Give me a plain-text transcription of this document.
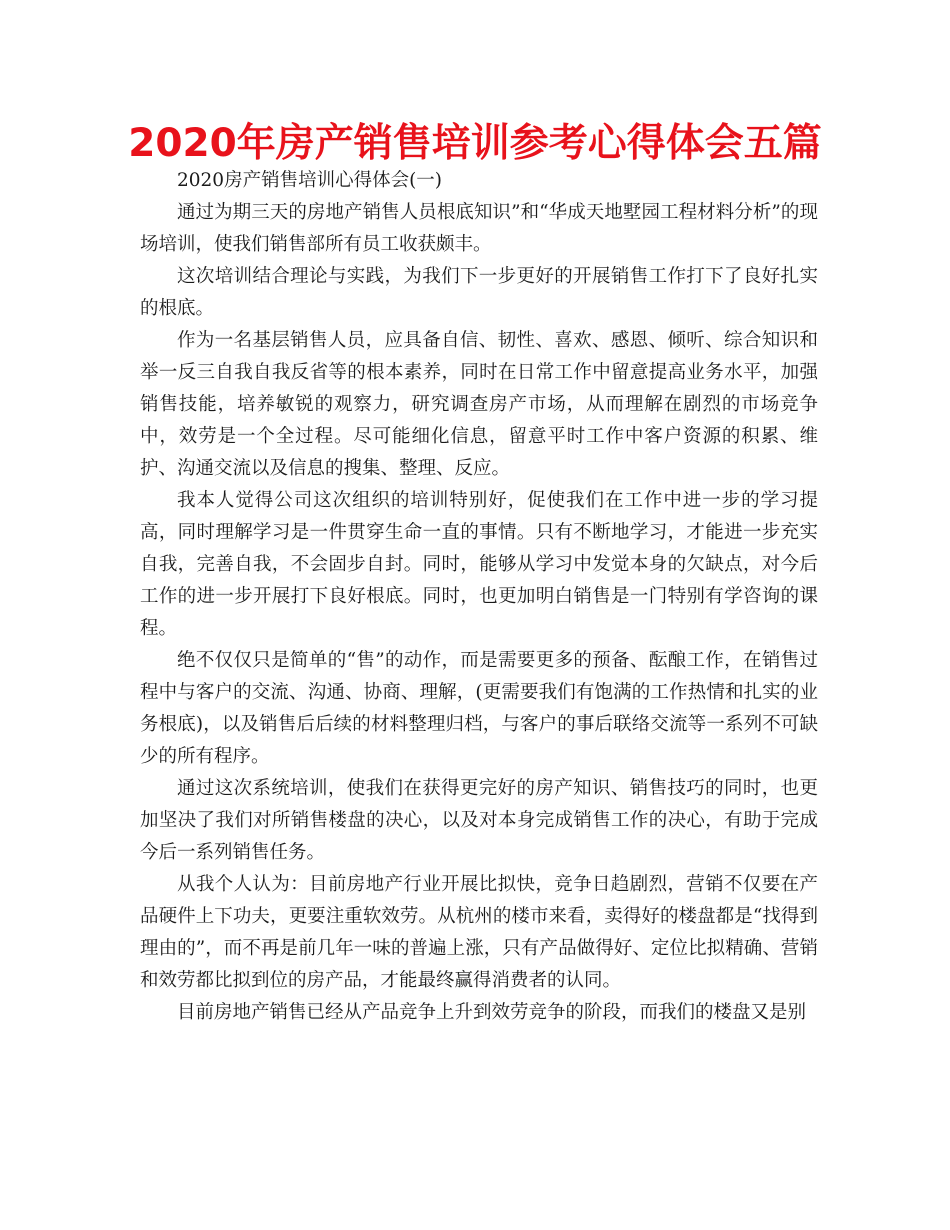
2020年房产销售培训参考心得体会五篇

2020房产销售培训心得体会(一)

通过为期三天的房地产销售人员根底知识”和“华成天地墅园工程材料分析”的现场培训，使我们销售部所有员工收获颇丰。

这次培训结合理论与实践，为我们下一步更好的开展销售工作打下了良好扎实的根底。

作为一名基层销售人员，应具备自信、韧性、喜欢、感恩、倾听、综合知识和举一反三自我自我反省等的根本素养，同时在日常工作中留意提高业务水平，加强销售技能，培养敏锐的观察力，研究调查房产市场，从而理解在剧烈的市场竞争中，效劳是一个全过程。尽可能细化信息，留意平时工作中客户资源的积累、维护、沟通交流以及信息的搜集、整理、反应。

我本人觉得公司这次组织的培训特别好，促使我们在工作中进一步的学习提高，同时理解学习是一件贯穿生命一直的事情。只有不断地学习，才能进一步充实自我，完善自我，不会固步自封。同时，能够从学习中发觉本身的欠缺点，对今后工作的进一步开展打下良好根底。同时，也更加明白销售是一门特别有学咨询的课程。

绝不仅仅只是简单的“售”的动作，而是需要更多的预备、酝酿工作，在销售过程中与客户的交流、沟通、协商、理解，(更需要我们有饱满的工作热情和扎实的业务根底)，以及销售后后续的材料整理归档，与客户的事后联络交流等一系列不可缺少的所有程序。

通过这次系统培训，使我们在获得更完好的房产知识、销售技巧的同时，也更加坚决了我们对所销售楼盘的决心，以及对本身完成销售工作的决心，有助于完成今后一系列销售任务。

从我个人认为：目前房地产行业开展比拟快，竞争日趋剧烈，营销不仅要在产品硬件上下功夫，更要注重软效劳。从杭州的楼市来看，卖得好的楼盘都是“找得到理由的”，而不再是前几年一味的普遍上涨，只有产品做得好、定位比拟精确、营销和效劳都比拟到位的房产品，才能最终赢得消费者的认同。

目前房地产销售已经从产品竞争上升到效劳竞争的阶段，而我们的楼盘又是别
